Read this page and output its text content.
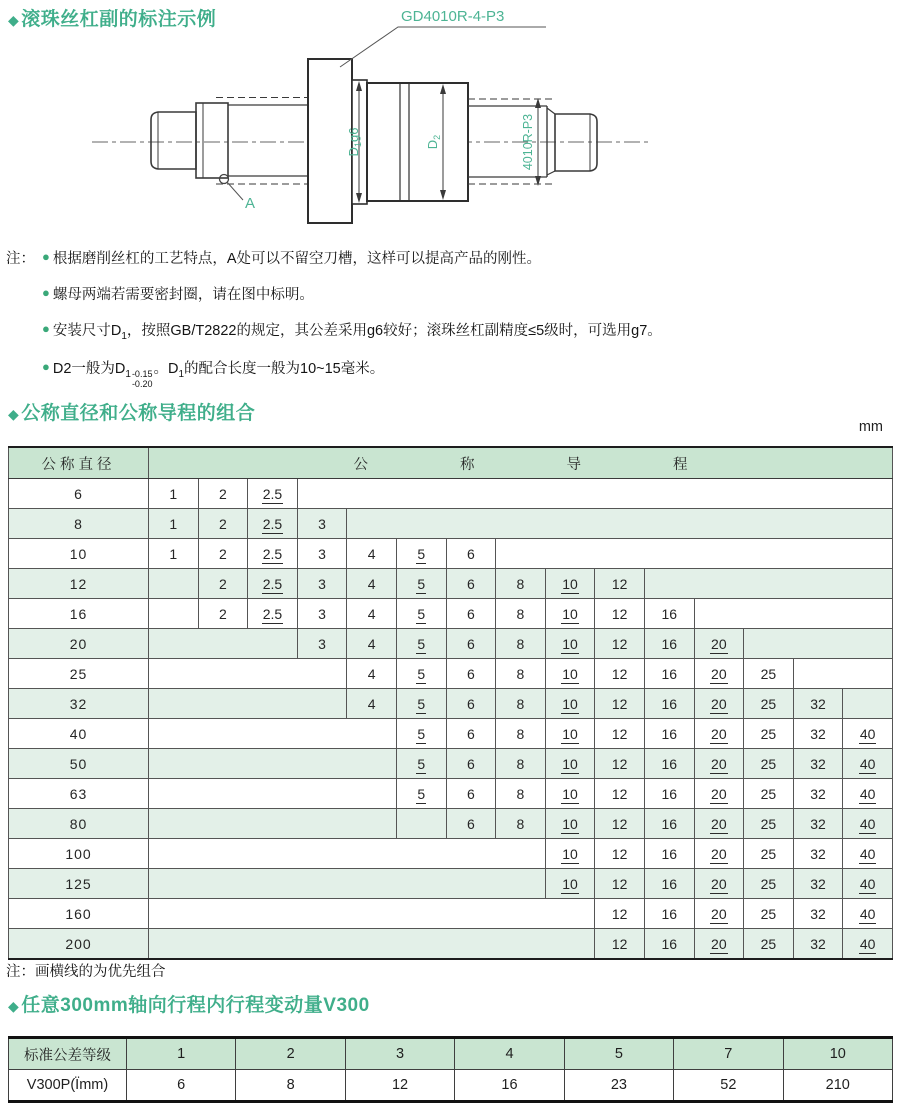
◆ 滚珠丝杠副的标注示例
$D_1g6$
$D_2$	4010R-P3
GD4010R-4-P3
A
注： ● 根据磨削丝杠的工艺特点，A处可以不留空刀槽，这样可以提高产品的刚性。
● 螺母两端若需要密封圈，请在图中标明。
● 安装尺寸$D_1$，按照GB/T2822的规定，其公差采用g6较好；滚珠丝杠副精度≤5级时，可选用g7。
● D2一般为$D_1$ -0.15
-0.20
。$D_1$的配合长度一般为10~15毫米。
◆ 公称直径和公称导程的组合
mm
公称直径	公 称 导 程														

6	1	2	2.5												
8	1	2	2.5	3											
10	1	2	2.5	3	4	5	6								
12		2	2.5	3	4	5	6	8	10	12					
16		2	2.5	3	4	5	6	8	10	12	16				
20				3	4	5	6	8	10	12	16	20			
25					4	5	6	8	10	12	16	20	25		
32					4	5	6	8	10	12	16	20	25	32	
40						5	6	8	10	12	16	20	25	32	40
50						5	6	8	10	12	16	20	25	32	40
63						5	6	8	10	12	16	20	25	32	40
80							6	8	10	12	16	20	25	32	40
100									10	12	16	20	25	32	40
125									10	12	16	20	25	32	40
160										12	16	20	25	32	40
200										12	16	20	25	32	40
注：画横线的为优先组合
◆ 任意300mm轴向行程内行程变动量V300
标准公差等级	1	2	3	4	5	7	10
V300P(Ïmm)	6	8	12	16	23	52	210
